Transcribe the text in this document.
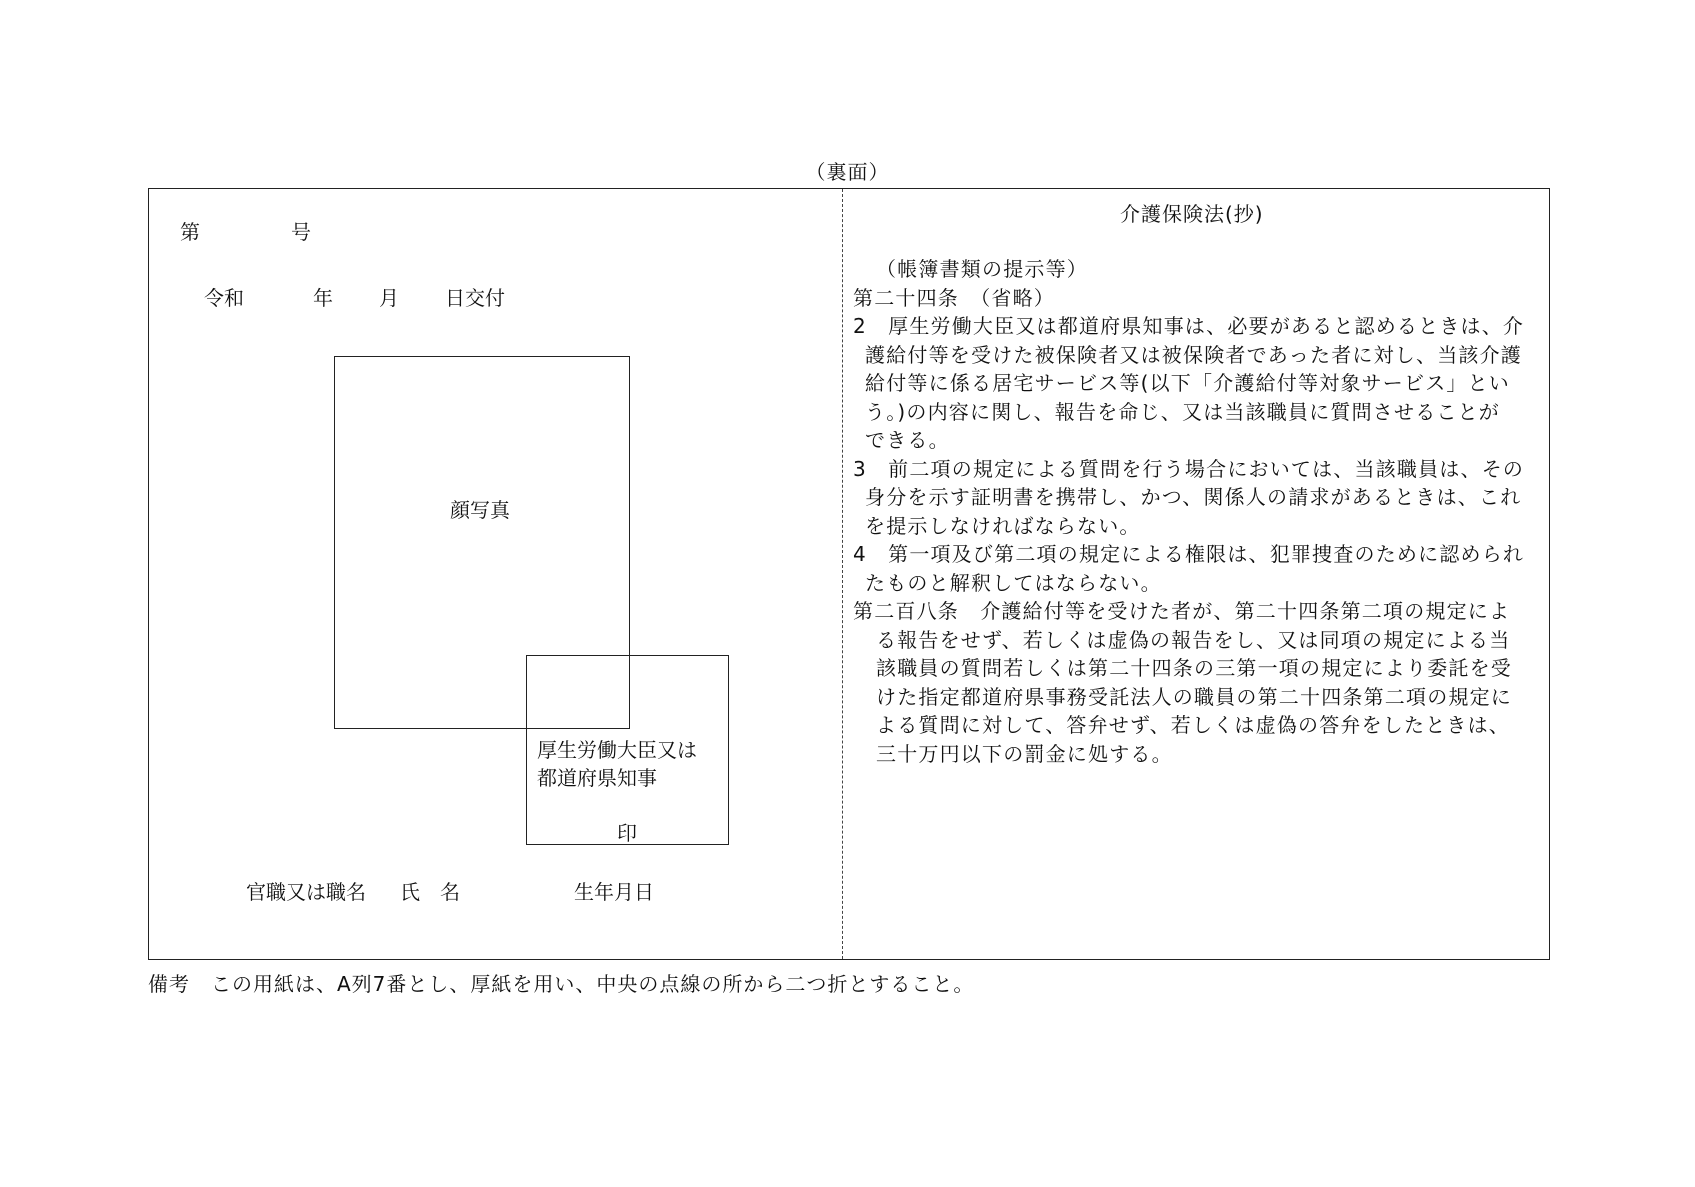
（裏面）
第	号
令和	年 月 日交付
顔写真
厚生労働大臣又は
都道府県知事
印
官職又は職名 氏　名	生年月日
介護保険法(抄)
（帳簿書類の提示等）
第二十四条　（省略）
2　厚生労働大臣又は都道府県知事は、必要があると認めるときは、介
護給付等を受けた被保険者又は被保険者であった者に対し、当該介護
給付等に係る居宅サービス等(以下「介護給付等対象サービス」とい
う。)の内容に関し、報告を命じ、又は当該職員に質問させることが
できる。
3　前二項の規定による質問を行う場合においては、当該職員は、その
身分を示す証明書を携帯し、かつ、関係人の請求があるときは、これ
を提示しなければならない。
4　第一項及び第二項の規定による権限は、犯罪捜査のために認められ
たものと解釈してはならない。
第二百八条　介護給付等を受けた者が、第二十四条第二項の規定によ
る報告をせず、若しくは虚偽の報告をし、又は同項の規定による当
該職員の質問若しくは第二十四条の三第一項の規定により委託を受
けた指定都道府県事務受託法人の職員の第二十四条第二項の規定に
よる質問に対して、答弁せず、若しくは虚偽の答弁をしたときは、
三十万円以下の罰金に処する。
備考　この用紙は、A列7番とし、厚紙を用い、中央の点線の所から二つ折とすること。
